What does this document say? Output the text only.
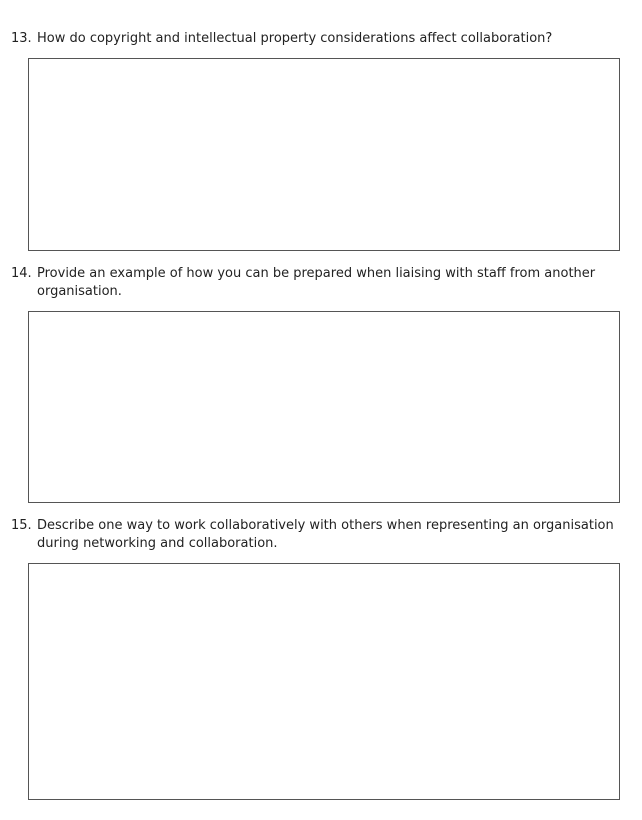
13. How do copyright and intellectual property considerations affect collaboration?
14. Provide an example of how you can be prepared when liaising with staff from another organisation.
15. Describe one way to work collaboratively with others when representing an organisation during networking and collaboration.
